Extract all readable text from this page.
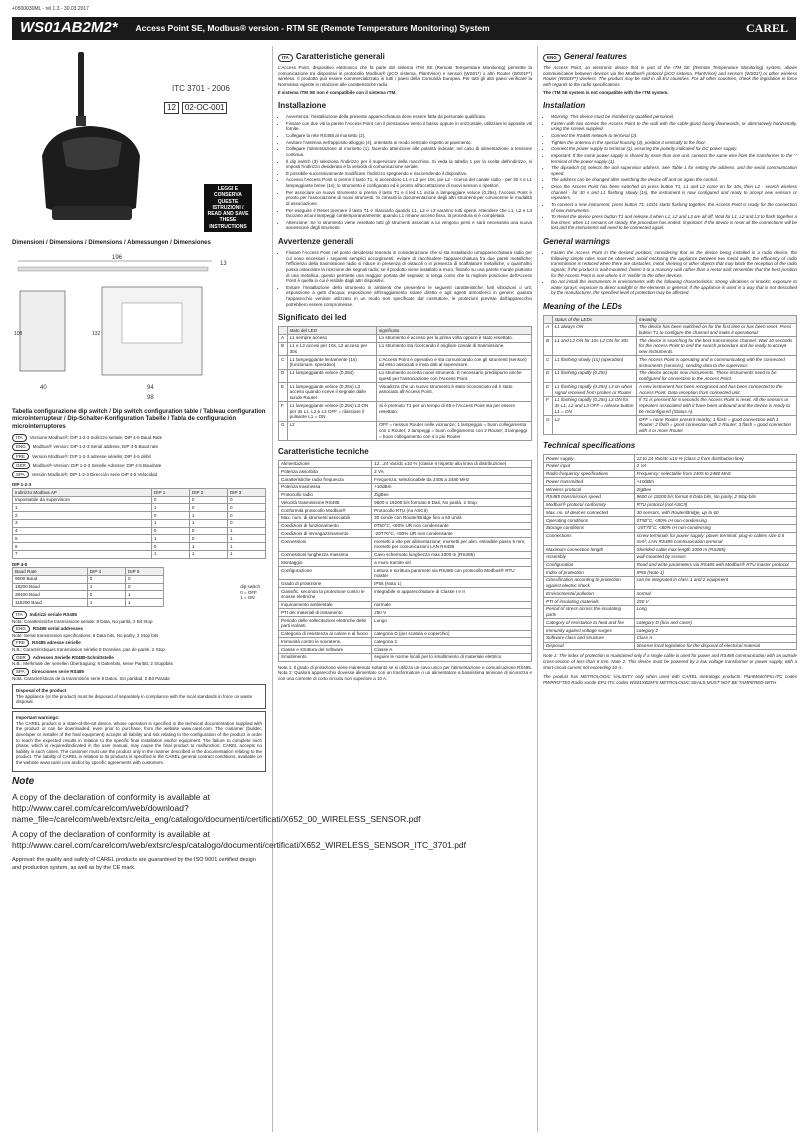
+0500030ML - rel 1.3 - 30.03.2017
WS01AB2M2* Access Point SE, Modbus® version - RTM SE (Remote Temperature Monitoring) System	CAREL
ITC 3701 - 2006
12	02-OC-001
LEGGI E CONSERVA QUESTE ISTRUZIONI / READ AND SAVE THESE INSTRUCTIONS
Dimensioni / Dimensions / Dimensions / Abmessungen / Dimensiones
196
13
108	132
40	94
98
Tabella configurazione dip switch / Dip switch configuration table / Tableau configuration microinterrupteur / Dip-Schalter-Konfiguration Tabelle / Tabla de configuración microinterruptores
ITA Versione Modbus®: DIP 1-2-3 Indirizzo seriale; DIP 4-5 Baud Rate
ENG Modbus® version: DIP 1-2-3 Serial address; DIP 4-5 Baud rate
FRE Version Modbus®: DIP 1-2-3 adresse sérielle; DIP 4-5 débit
GER Modbus®-Version: DIP 1-2-3 Serielle Adresse; DIP 4-5 Baudrate
SPA Versión Modbus®: DIP 1-2-3 Dirección serie DIP 4-5 Velocidad
dip switch
0 = OFF
1 = ON
DIP 1-2-3
Indirizzo Modbus AP	DIP 1	DIP 2	DIP 3
Impostabile da supervisore	0	0	0
1	1	0	0
2	0	1	0
3	1	1	0
4	0	0	1
5	1	0	1
6	0	1	1
7	1	1	1
DIP 4-5
Baud Rate	DIP 4	DIP 5
9600 Baud	0	0
19200 Baud	1	0
38400 Baud	0	1
115200 Baud	1	1
ITA Indirizzi seriale RS485
Nota: Caratteristiche trasmissione seriale: 8 Data, No parità, 2 Bit Stop
ENG RS485 serial addresses
Note: Serial transmission specifications: 8 Data bits, No parity, 2 Stop bits
FRE RS485 adresse sérielle
N.B.: Caractéristiques transmission sérielle 8 Données, pas de parité, 2 Stop
GER Adressen Serielle RS485-Schnittstelle
N.B.: Merkmale der seriellen Übertragung: 8 Datenbits, keine Parität, 2 Stoppbits
SPA Direcciones serie RS485
Nota: Características de la transmisión serie 8 Datos, Sin paridad, 2 Bit Parada
Disposal of the product
The appliance (or the product) must be disposed of separately in compliance with the local standards in force on waste disposal.
Important warnings:

The CAREL product is a state-of-the-art device, whose operation is specified in the technical documentation supplied with the product or can be downloaded, even prior to purchase, from the website www.carel.com. The customer (builder, developer or installer of the final equipment) accepts all liability and risk relating to the configuration of the product in order to reach the expected results in relation to the specific final installation and/or equipment. The failure to complete such phase, which is required/indicated in the user manual, may cause the final product to malfunction; CAREL accepts no liability in such cases. The customer must use the product only in the manner described in the documentation relating to the product. The liability of CAREL in relation to its products is specified in the CAREL general contract conditions, available on the website www.carel.com and/or by specific agreements with customers.

Note

A copy of the declaration of conformity is available at http://www.carel.com/carelcom/web/download?name_file=/carelcom/web/extsrc/eita_eng/catalogo/documenti/certificati/X652_00_WIRELESS_SENSOR.pdf

A copy of the declaration of conformity is available at http://www.carel.com/carelcom/web/extsrc/esp/catalogo/documenti/certificati/X652_WIRELESS_SENSOR_ITC_3701.pdf

Approval: the quality and safety of CAREL products are guaranteed by the ISO 9001 certified design and production system, as well as by the CE mark.

ITA Caratteristiche generali

L'Access Point, dispositivo elettronico che fa parte del sistema rTM SE (Remote Temperature Monitoring) permette la comunicazione tra dispositivi in protocollo Modbus® (pCO sistema, PlantVisor) e sensori (WS01*) o altri Router (WS01F*) wireless. Il prodotto può essere commercializzato in tutti i paesi della Comunità Europea. Per tutti gli altri paesi verificare la Normativa vigente in relazione alle caratteristiche radio.

Il sistema rTM SE non è compatibile con il sistema rTM.

Installazione
• Avvertenza: l'installazione della presente apparecchiatura deve essere fatta da personale qualificato.
• Fissare con due viti la parete l'Access Point con il pressacavo verso il basso oppure in orizzontale, utilizzare le apposite viti fornite.
• Collegare la rete RS485 al morsetto (2).
• Avvitare l'antenna nell'apposito alloggio (4), orientarla in modo verticale rispetto al pavimento.
• Collegare l'alimentazione al morsetto (1), facendo attenzione alle polarità indicate; nel caso di alimentazione a tensione continua.
• Il dip switch (3) seleziona l'indirizzo per il supervisore della macchina. Si veda la tabella 1 per la scelta dell'indirizzo, si imposti l'indirizzo desiderato e la velocità di comunicazione seriale.
• È possibile successivamente modificare l'indirizzo spegnendo e riaccendendo il dispositivo.
• Accesso l'Access Point si preme il tasto T1, si accendono L1 e L2 per 10s, poi L2 - ricerca del canale radio - per 30 s e L1 lampeggiante breve (1s); lo strumento è configurato ed è pronto all'accettazione di nuovi sensori o ripetitori.
• Per associare un nuovo strumento si prema il tasto T1 e il led L1 inizia a lampeggiare veloce (0,25s), l'Access Point è pronto per l'associazione di nuovi strumenti. Si consulti la documentazione degli altri strumenti per conoscerne le modalità di associazione.
• Per eseguire il Reset premere il tasto T1 e rilasciarlo quando L1, L2 e L3 saranno tutti spenti. Attendere che L1, L2 e L3 facciano alcuni lampeggi contemporaneamente: quando L1 rimane acceso fisso, la procedura si è completata.
• Attenzione: Se lo strumento viene resettato tutti gli strumenti associati a lui vengono persi e sarà necessaria una nuova annessione degli strumenti.
Avvertenze generali
• Fissare l'Access Point nel posto desiderato tenendo in considerazione che si sta installando un'apparecchiatura radio per cui sono necessari i seguenti semplici accorgimenti: evitare di racchiudere l'apparecchiatura fra due pareti metalliche; l'efficienza della trasmissione radio si riduce in presenza di ostacoli o in presenza di scaffalature metalliche, o quant'altro possa ostacolare la ricezione dei segnali radio; se il prodotto viene installato a muro, fissarlo su una parete murale piuttosto di una metallica, questo permette una maggior portata del segnale; si tenga conto che la migliore posizione dell'Access Point è quella in cui è visibile dagli altri dispositivi.
• Evitare l'installazione dello strumento in ambienti che presentino le seguenti caratteristiche: forti vibrazioni o urti; esposizione a getti d'acqua; esposizione all'irraggiamento solare diretto e agli agenti atmosferici in genere; qualora l'apparecchio venisse utilizzato in un modo non specificato dal costruttore, le protezioni previste dall'apparecchio potrebbero essere compromesse.
Significato dei led
	stato del LED	significato
A	L1 sempre acceso	Lo strumento è acceso per la prima volta oppure è stato resettato.
B	L1 e L2 accesi per 10s, L2 acceso per 30s	Lo strumento sta ricercando il migliore canale di trasmissione.
C	L1 lampeggiante lentamente (1s) (funzionam. operativo)	L'Access Point è operativo e sta comunicando con gli strumenti (sensori) ad esso associati e invia dati al supervisore.
D	L1 lampeggiante veloce (0,25s)	Lo strumento accetta nuovi strumenti. È necessario predisporre anche questi per l'associazione con l'Access Point.
E	L1 lampeggiante veloce (0,25s) L3 acceso quando riceve il segnale dalle sonde Router	Visualizza che un nuovo strumento è stato riconosciuto ed è stato associato all'Access Point.
F	L1 lampeggiante veloce (0,25s) L3 ON per 3s L1, L2 e L3 OFF = rilasciare il pulsante L1 = ON	Si è premuto T1 per un tempo di 65 e l'Access Point sta per essere resettato.
G	L2	OFF = nessun Router nelle vicinanze; 1 lampeggio = buon collegamento con 1 Router; 2 lampeggi = buon collegamento con 2 Router; 3 lampeggi = buon collegamento con 4 o più Router
Caratteristiche tecniche
Alimentazione	12...24 Vac/dc ±10 % (classe II rispetto alla linea di distribuzione)
Potenza assorbita	2 VA
Caratteristiche radio frequenza	Frequenza: selezionabile da 2405 a 2480 MHz
Potenza trasmessa	+10dBm
Protocollo radio	ZigBee
Velocità trasmissione RS485	9600 o 19200 b/s formato 8 Dati, No parità, 2 Stop
Conformità protocollo Modbus®	Protocollo RTU (no ASCII)
Max. num. di strumenti associabili	30 sonde con Router/Bridge fino a 60 unità
Condizioni di funzionamento	0T50°C, <80% UR non condensante
Condizioni di immagazzinamento	-20T70°C, <80% UR non condensante
Connessioni	morsetti a vite per alimentazione; morsetti per alim. estraibile passo 5 mm; morsetti per comunicazioni LAN RS485
Connessioni lunghezza massima	Cavo schermato lunghezza max 1000 m (RS485)
Montaggio	a muro tramite viti
Configurazione	Lettura e scrittura parametri via RS485 con protocollo Modbus® RTU master
Grado di protezione	IP55 (Nota 1)
Classific. secondo la protezione contro le scosse elettriche	integrabile in apparecchiature di Classe I e II
Inquinamento ambientale	normale
PTI dei materiali di isolamento	250 V
Periodo delle sollecitazioni elettriche delle parti isolanti	Lungo
Categoria di resistenza al calore e al fuoco	categoria D (per scatola e coperchio)
Immunità contro le sovratens.	categoria 2
Classe e struttura del software	Classe A
Smaltimento	seguire le norme locali per lo smaltimento di materiale elettrico

Nota 1: Il grado di protezione viene mantenuto soltanto se si utilizza un cavo unico per l'alimentazione e comunicazione RS485. Nota 2: Qualora apparecchio dovesse alimentato con un trasformatore o un alimentatore a bassissima tensione di sicurezza e con una corrente di corto circuito non superiore a 10 A.

ENG General features

The Access Point, an electronic device that is part of the rTM SE (Remote Temperature Monitoring) system, allows communication between devices via the Modbus® protocol (pCO sistema, PlantVisor) and sensors (WS01*) or other wireless Router (WS01F*) wireless. The product may be sold in all EU countries. For all other countries, check the legislation in force with regards to the radio specifications.

The rTM SE system is not compatible with the rTM system.

Installation
• Warning: This device must be installed by qualified personnel.
• Fasten with two screws the Access Point to the wall with the cable-gland facing downwards, or alternatively horizontally, using the screws supplied.
• Connect the RS485 network to terminal (2).
• Tighten the antenna in the special housing (4), position it vertically to the floor.
• Connect the power supply to terminal (1), ensuring the polarity indicated for DC power supply.
• Important: If the same power supply is shared by more than one unit, connect the same wire from the transformer to the '-' terminal of the power supply (1).
• The dipswitch (3) selects the unit supervisor address. See Table 1 for setting the address, and the serial communication speed.
• The address can be changed after switching the device off and on again the control.
• Once the Access Point has been switched on press button T1, L1 and L2 come on for 10s, then L2 - search wireless channel - for 30 s and L1 flashing slowly (1s), the instrument is now configured and ready to accept new sensors or repeaters.
• To connect a new instrument, press button T1: LED1 starts flashing together, the Access Point is ready for the connection of new instruments.
• To Reset the device press button T1 and release it when L1, L2 and L3 are all off. Wait for L1, L2 and L3 to flash together a few times: when L1 remains on steady, the procedure has ended. Important: If the device is reset all the connections will be lost and the instruments will need to be connected again.
General warnings
• Fasten the Access Point in the desired position, considering that as the device being installed is a radio device, the following simple rules must be observed: avoid enclosing the appliance between two metal walls; the efficiency of radio transmission is reduced when there are obstacles, metal shelving or other objects that may block the reception of the radio signals; if the product is wall-mounted, fasten it to a masonry wall rather than a metal wall; remember that the best position for the Access Point is one where it is 'visible' to the other devices.
• Do not install the instruments in environments with the following characteristics: strong vibrations or knocks; exposure to water sprays; exposure to direct sunlight or the elements in general; if the appliance is used in a way that is not described by the manufacturer, the specified level of protection may be affected.
Meaning of the LEDs
	status of the LEDs	meaning
A	L1 always ON	The device has been switched on for the first time or has been reset. Press button T1 to configure the channel and make it operational.
B	L1 and L2 ON for 10s L2 ON for 30s	The device is searching for the best transmission channel. Wait 10 seconds for the Access Point to end the search procedure and be ready to accept new instruments.
C	L1 flashing slowly (1s) (operation)	The Access Point is operating and is communicating with the connected instruments (sensors), sending data to the supervisor.
D	L1 flashing rapidly (0.25s)	The device accepts new instruments. These instruments need to be configured for connection to the Access Point.
E	L1 flashing rapidly (0.25s) L3 on when signal received from probes or Router	A new instrument has been recognised and has been connected to the Access Point. Data reception from connected unit.
F	L1 flashing rapidly (0.25s) L3 ON for 3s L1, L2 and L3 OFF = release button L1 = ON	If T1 is pressed for 6 seconds the Access Point is reset. All the sensors or repeaters associated with it have been unbound and the device is ready to be reconfigured (Status A).
G	L2	OFF = none Router present nearby; 1 flash = good connection with 1 Router; 2 flash = good connection with 2 Router; 3 flash = good connection with 4 or more Router
Technical specifications
Power supply	12 to 24 Vac/dc ±10 % (class 2 from distribution line)
Power input	2 VA
Radio frequency specifications	Frequency: selectable from 2405 to 2480 MHz
Power transmitted	+10dBm
Wireless protocol	ZigBee
RS485 transmission speed	9600 or 19200 b/s format 8 Data bits, No parity, 2 Stop bits
Modbus® protocol conformity	RTU protocol (not ASCII)
Max. no. of devices connected	30 sensors, with Router/Bridge, up to 60
Operating conditions	0T50°C, <80% rH non-condensing
Storage conditions	-20T70°C, <80% rH non-condensing
Connections	screw terminals for power supply; power terminal: plug-in cables size 0.5 mm²; LAN RS485 communication terminal
Maximum connection length	Shielded cable max length 1000 m (RS485)
Assembly	wall-mounted by screws
Configuration	Read and write parameters via RS485 with Modbus® RTU master protocol
Index of protection	IP55 (Note 1)
Classification according to protection against electric shock	can be integrated in class 1 and 2 equipment
Environmental pollution	normal
PTI of insulating materials	250 V
Period of stress across the insulating parts	Long
Category of resistance to heat and fire	category D (box and cover)
Immunity against voltage surges	category 2
Software class and structure	Class A
Disposal	observe local legislation for the disposal of electrical material

Note 1: The index of protection is maintained only if a single cable is used for power and RS485 communication with an outside cross-section of less than 8 mm. Note 2: This device must be powered by a low voltage transformer or power supply, with a short-circuit current not exceeding 10 A.

The product has METROLOGIC VALIDITY only when used with CAREL metrologic products: PlantWatchPro-ITC codes PWPRO*TE0 Radio sonde EP1-ITC codes WS01XB2M*0 METROLOGIC SEALS MUST NOT BE TAMPERED WITH
